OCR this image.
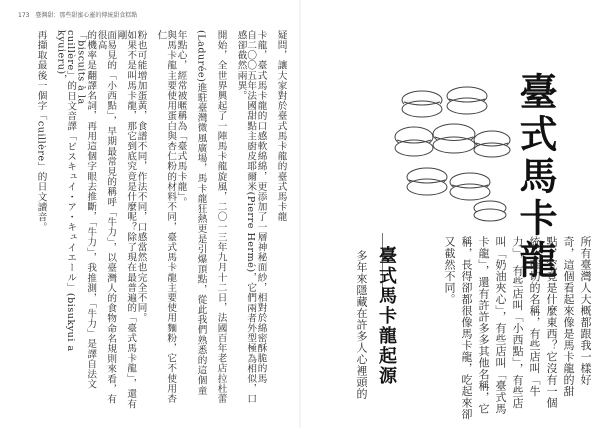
173 臺灣甜：那些甜蜜心靈的傳統甜食糕點
疑問，讓大家對於臺式馬卡龍的臺式馬卡龍
卡龍，臺式馬卡龍的口感軟綿綿，更添加了一層神秘面紗，相對於綿密酥脆的馬
自二〇〇五年法國甜點主廚皮耶爾米(Pierre Hermé)，它們兩者外型極為相似，口感卻截然兩異。
開始，全世界興起了一陣馬卡龍旋風，二〇一三年九月十二日，法國百年老店拉杜蕾
(Ladurée)進駐臺灣微風廣場，馬卡龍狂熱更是引爆頂點，從此我們熟悉的這個童
年點心，經常被暱稱為「臺式馬卡龍」。
與馬卡龍主要使用蛋白與杏仁粉的材料不同，臺式馬卡龍主要使用麵粉，它不使用杏仁
粉也可能增加蛋黃，食譜不同，作法不同，口感當然也完全不同。
如果不是叫馬卡龍，那它到底究竟是什麼呢？除了現在最普遍的「臺式馬卡龍」，還有剛
面易見的「小西點」，早期最常見的稱呼「牛力」，以臺灣人的食物命名規則來看，有很高
的機率是翻譯名詞，再用這個字眼去推斷，「牛力」，我推測，「牛力」是譯自法文「biscuits à la
cuillère」的日文音譯「ビスキュイ・ア・キュイエール」(bisukyui a kyuieru)，
再擷取最後一個字「cuillère」的日文讀音。	臺式馬卡龍
臺式馬卡龍起源	所有臺灣人大概都跟我一樣好
奇，這個看起來像是馬卡龍的甜
點，究竟是什麼東西？它沒有一個
統一確切的名稱，有些店叫「牛
力」，有些店叫「小西點」，有些店
叫「奶油夾心」，有些店叫「臺式馬
卡龍」，還有許許多多其他名稱，它
稱，長得卻都很像馬卡龍，吃起來卻
又截然不同。
多年來隱藏在許多人心裡頭的
